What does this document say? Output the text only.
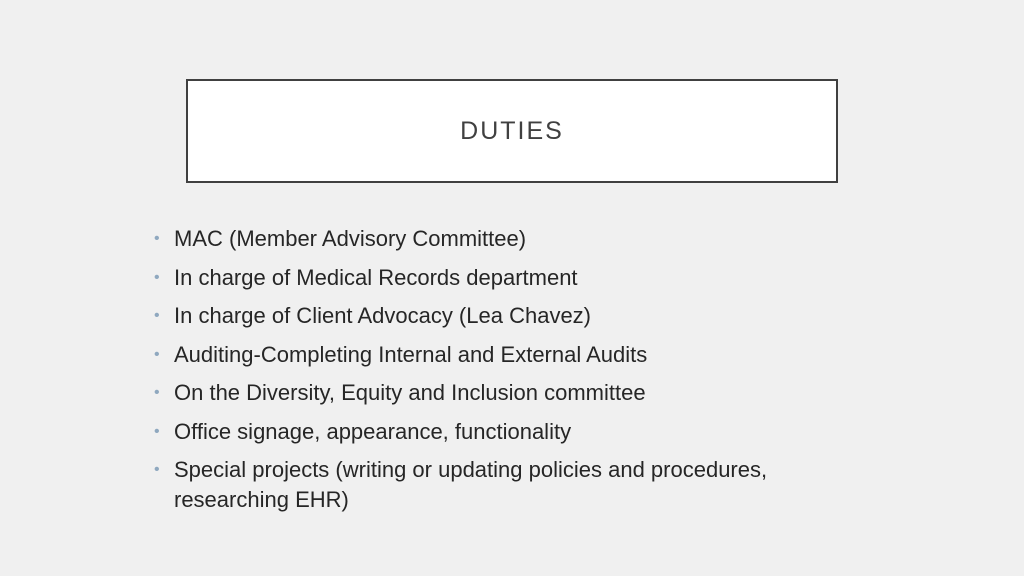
DUTIES
• MAC (Member Advisory Committee)
• In charge of Medical Records department
• In charge of Client Advocacy (Lea Chavez)
• Auditing-Completing Internal and External Audits
• On the Diversity, Equity and Inclusion committee
• Office signage, appearance, functionality
• Special projects (writing or updating policies and procedures, researching EHR)
